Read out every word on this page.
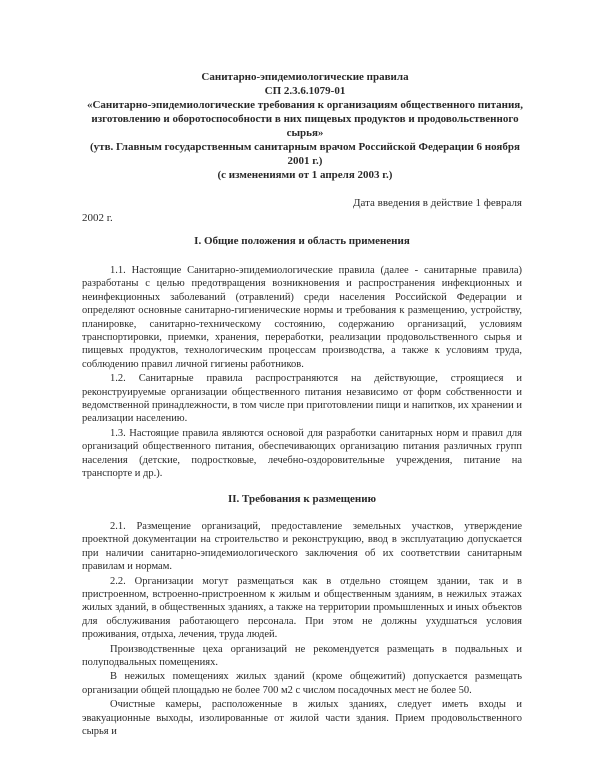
Санитарно-эпидемиологические правила
СП 2.3.6.1079-01
«Санитарно-эпидемиологические требования к организациям общественного питания, изготовлению и оборотоспособности в них пищевых продуктов и продовольственного сырья»
(утв. Главным государственным санитарным врачом Российской Федерации 6 ноября 2001 г.)
(с изменениями от 1 апреля 2003 г.)
Дата введения в действие 1 февраля
2002 г.
I. Общие положения и область применения

1.1. Настоящие Санитарно-эпидемиологические правила (далее - санитарные правила) разработаны с целью предотвращения возникновения и распространения инфекционных и неинфекционных заболеваний (отравлений) среди населения Российской Федерации и определяют основные санитарно-гигиенические нормы и требования к размещению, устройству, планировке, санитарно-техническому состоянию, содержанию организаций, условиям транспортировки, приемки, хранения, переработки, реализации продовольственного сырья и пищевых продуктов, технологическим процессам производства, а также к условиям труда, соблюдению правил личной гигиены работников.

1.2. Санитарные правила распространяются на действующие, строящиеся и реконструируемые организации общественного питания независимо от форм собственности и ведомственной принадлежности, в том числе при приготовлении пищи и напитков, их хранении и реализации населению.

1.3. Настоящие правила являются основой для разработки санитарных норм и правил для организаций общественного питания, обеспечивающих организацию питания различных групп населения (детские, подростковые, лечебно-оздоровительные учреждения, питание на транспорте и др.).

II. Требования к размещению

2.1. Размещение организаций, предоставление земельных участков, утверждение проектной документации на строительство и реконструкцию, ввод в эксплуатацию допускается при наличии санитарно-эпидемиологического заключения об их соответствии санитарным правилам и нормам.

2.2. Организации могут размещаться как в отдельно стоящем здании, так и в пристроенном, встроенно-пристроенном к жилым и общественным зданиям, в нежилых этажах жилых зданий, в общественных зданиях, а также на территории промышленных и иных объектов для обслуживания работающего персонала. При этом не должны ухудшаться условия проживания, отдыха, лечения, труда людей.

Производственные цеха организаций не рекомендуется размещать в подвальных и полуподвальных помещениях.

В нежилых помещениях жилых зданий (кроме общежитий) допускается размещать организации общей площадью не более 700 м2 с числом посадочных мест не более 50.

Очистные камеры, расположенные в жилых зданиях, следует иметь входы и эвакуационные выходы, изолированные от жилой части здания. Прием продовольственного сырья и
